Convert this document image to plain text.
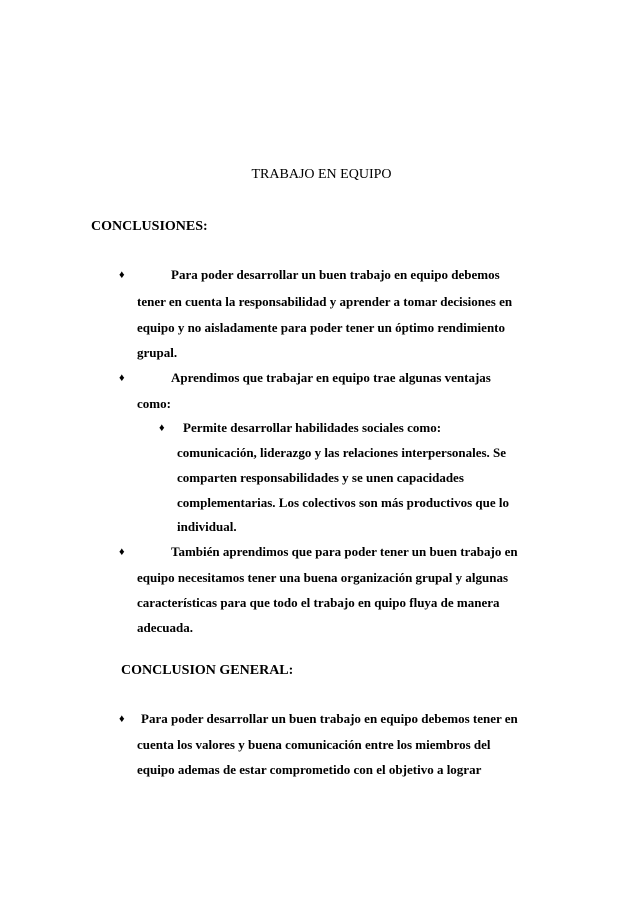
TRABAJO EN EQUIPO
CONCLUSIONES:
♦	Para poder desarrollar un buen trabajo en equipo debemos
tener en cuenta la responsabilidad y aprender a tomar decisiones en
equipo y no aisladamente para poder tener un óptimo rendimiento
grupal.
♦	Aprendimos que trabajar en equipo trae algunas ventajas
como:
♦ Permite desarrollar habilidades sociales como:
comunicación, liderazgo y las relaciones interpersonales. Se
comparten responsabilidades y se unen capacidades
complementarias. Los colectivos son más productivos que lo
individual.
♦	También aprendimos que para poder tener un buen trabajo en
equipo necesitamos tener una buena organización grupal y algunas
características para que todo el trabajo en quipo fluya de manera
adecuada.
CONCLUSION GENERAL:
♦ Para poder desarrollar un buen trabajo en equipo debemos tener en
cuenta los valores y buena comunicación entre los miembros del
equipo ademas de estar comprometido con el objetivo a lograr
